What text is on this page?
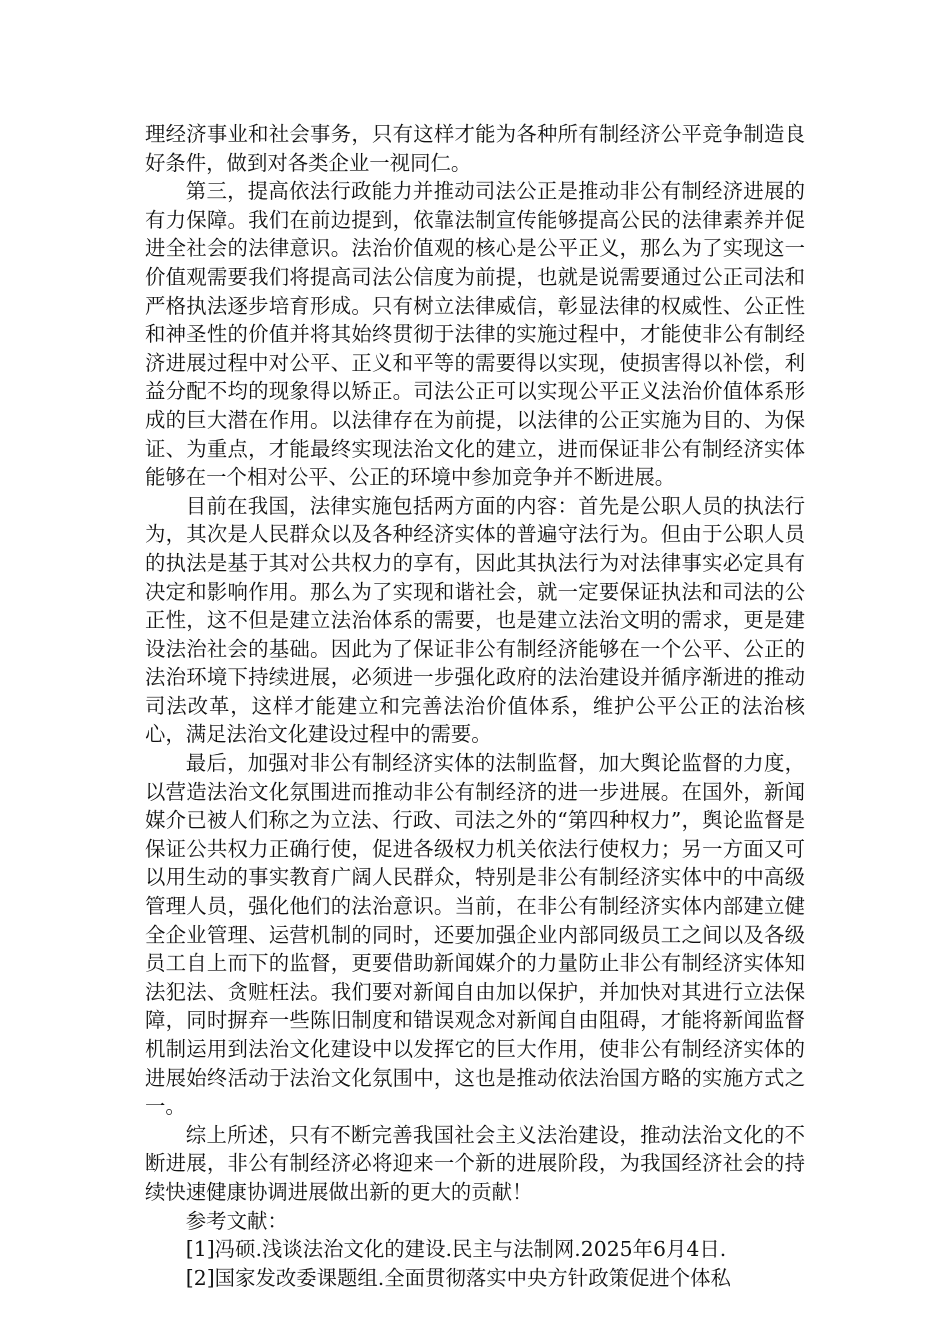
理经济事业和社会事务，只有这样才能为各种所有制经济公平竞争制造良好条件，做到对各类企业一视同仁。

第三，提高依法行政能力并推动司法公正是推动非公有制经济进展的有力保障。我们在前边提到，依靠法制宣传能够提高公民的法律素养并促进全社会的法律意识。法治价值观的核心是公平正义，那么为了实现这一价值观需要我们将提高司法公信度为前提，也就是说需要通过公正司法和严格执法逐步培育形成。只有树立法律威信，彰显法律的权威性、公正性和神圣性的价值并将其始终贯彻于法律的实施过程中，才能使非公有制经济进展过程中对公平、正义和平等的需要得以实现，使损害得以补偿，利益分配不均的现象得以矫正。司法公正可以实现公平正义法治价值体系形成的巨大潜在作用。以法律存在为前提，以法律的公正实施为目的、为保证、为重点，才能最终实现法治文化的建立，进而保证非公有制经济实体能够在一个相对公平、公正的环境中参加竞争并不断进展。

目前在我国，法律实施包括两方面的内容：首先是公职人员的执法行为，其次是人民群众以及各种经济实体的普遍守法行为。但由于公职人员的执法是基于其对公共权力的享有，因此其执法行为对法律事实必定具有决定和影响作用。那么为了实现和谐社会，就一定要保证执法和司法的公正性，这不但是建立法治体系的需要，也是建立法治文明的需求，更是建设法治社会的基础。因此为了保证非公有制经济能够在一个公平、公正的法治环境下持续进展，必须进一步强化政府的法治建设并循序渐进的推动司法改革，这样才能建立和完善法治价值体系，维护公平公正的法治核心，满足法治文化建设过程中的需要。

最后，加强对非公有制经济实体的法制监督，加大舆论监督的力度，以营造法治文化氛围进而推动非公有制经济的进一步进展。在国外，新闻媒介已被人们称之为立法、行政、司法之外的“第四种权力”，舆论监督是保证公共权力正确行使，促进各级权力机关依法行使权力；另一方面又可以用生动的事实教育广阔人民群众，特别是非公有制经济实体中的中高级管理人员，强化他们的法治意识。当前，在非公有制经济实体内部建立健全企业管理、运营机制的同时，还要加强企业内部同级员工之间以及各级员工自上而下的监督，更要借助新闻媒介的力量防止非公有制经济实体知法犯法、贪赃枉法。我们要对新闻自由加以保护，并加快对其进行立法保障，同时摒弃一些陈旧制度和错误观念对新闻自由阻碍，才能将新闻监督机制运用到法治文化建设中以发挥它的巨大作用，使非公有制经济实体的进展始终活动于法治文化氛围中，这也是推动依法治国方略的实施方式之一。

综上所述，只有不断完善我国社会主义法治建设，推动法治文化的不断进展，非公有制经济必将迎来一个新的进展阶段，为我国经济社会的持续快速健康协调进展做出新的更大的贡献！

参考文献：

[1]冯硕.浅谈法治文化的建设.民主与法制网.2025年6月4日.

[2]国家发改委课题组.全面贯彻落实中央方针政策促进个体私
